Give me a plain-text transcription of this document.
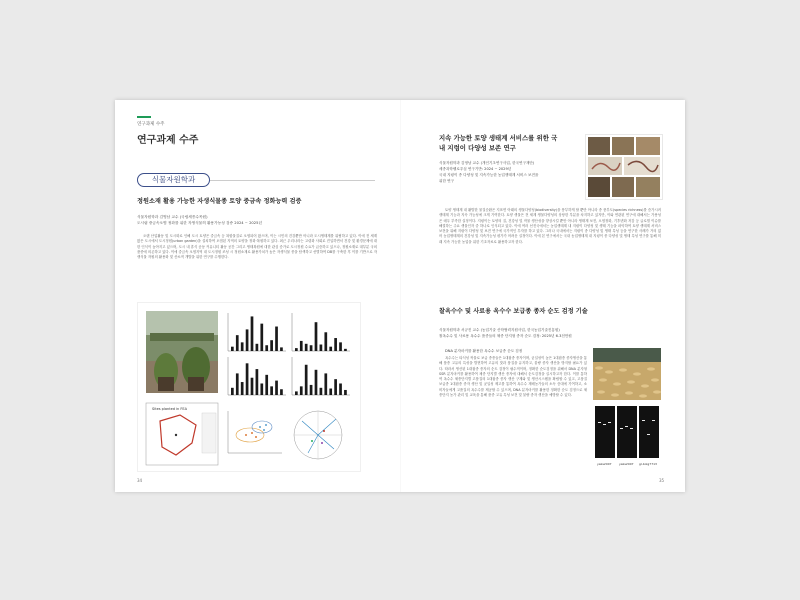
연구과제 수주
연구과제 수주
식물자원학과
정원소재 활용 가능한 자생식물종 토양 중금속 정화능력 검증
식물자원학과 김영남 교수 (국립세종수목원)
도시림 중금속오염 정화를 위한 자생식물의 활용가능성 검증 2024 ~ 2025년
오랜 산업활동 및 도시화로 인해 도시 토양은 중금속 등 복합물질로 오염되어 왔으며, 이는 시민의 건강뿐만 아니라 도시생태계를 위협하고 있다. 이에 전 세계 많은 도시에서 도시정원(urban garden)을 설치하여 오염된 지역의 토양을 정화·복원하고 있다. 최근 우리나라는 고령화 사회로 진입하면서 건강 및 환경문제에 대한 인식이 높아지고 있으며, 도시 내 휴식 공동 커뮤니티 활동 공간 그리고 생태복원에 대한 관심 증가로 도시정원 수요가 급증하고 있으나, 정원소재로 대부분 국외품종에 의존하고 있다. 이에 중금속 오염지역 내 도시정원 조성 시 정원소재로 활용가치가 높은 자생식물 종을 탐색하고 선별하여 DB를 구축한 후 이를 기반으로 자생식물 자원의 활용화 및 산소적 개발을 위한 연구를 수행한다.
Sites planted in FEA
34
지속 가능한 토양 생태계 서비스를 위한 국
내 지렁이 다양성 보존 연구
식물자원학과 김영남 교수 (개인기초연구사업, 한국연구재단)
세종과학펠로우십 연구기반: 2024 ~ 2029년
국내 지렁이 종 다양성 및 지속가능한 농업생태계 서비스 보전을
위한 연구
토양 생태계 내 활발한 물질순환은 지표면 아래의 생물다양성(biodiversity)을 풍부하게 할 뿐만 아니라 종 풍부도(species richness)를 증가시켜 생태계 기능과 지속 가능성에 크게 기여한다. 토양 생물은 전 세계 생물다양성의 상당한 부분을 차지하고 있지만, 이와 연관된 연구에 대해서는 가용성은 매우 부족한 실정이다. 지렁이는 토양의 질, 건강성 및 작물 생산성을 향상시킬 뿐만 아니라 생태계 보전, 오염정화, 기후변화 저감 등 글로벌 이슈를 해결하는 주요 생물인자 중 하나로 인식되고 있다. 이에 여러 선진국에서는 농업생태계 내 지렁이 다양성 및 생태 기능을 파악하여 토양 생태계 서비스 보전을 위해 지렁이 다양성 및 보전 연구에 국가적인 투자를 하고 있다. 그러나 국내에서는 지렁이 종 다양성 및 생태 특성 등을 연구한 사례가 거의 없어 농업생태계의 건강성 및 지속가능성 평가가 어려운 실정이다. 이에 본 연구에서는 국내 농업생태계 내 지렁이 종 다양성 및 생태 특성 연구를 통해 미래 지속 가능한 농업을 위한 기초자료로 활용하고자 한다.
찰옥수수 및 사료용 옥수수 보급종 종자 순도 검정 기술
식물자원학과 서규진 교수 (농업기술 산학협력지원사업, 한국농업기술진흥원)
찰옥수수 및 사료용 옥수수 품종들의 채종 단지형 종자 순도 검정: 2025년 6.3천만원
DNA 분자마커를 활용한 옥수수 보급종 순도 검정
옥수수는 타식성 작물로 보급 종종들은 1대잡종 종자이며, 균일성이 높은 1대잡종 종자생산을 통해 품종 고유의 특성을 발현하여 고유의 맛과 품질을 유지하고, 불량 종자 생산을 방지할 필요가 있다. 따라서 생산된 1대잡종 종자의 순도 검정이 필수적이며, 정확한 순도검정을 위해서 DNA 분자형 SSR 분자마커를 활용하여 채종 단지별 생산 종자에 대해서 순도검정을 실시하고자 한다. 이를 통하여 옥수수 채종단지별 고품질의 1대잡종 종자 생산 구계와 및 생산시스템을 확립할 수 있고, 고품질 보급종 1대잡종 종자 생산 및 균일성 제고를 통하여 옥수수 재배농가들의 소득 증대에 기여하고, 소비자들에게 고품질의 옥수수를 제공할 수 있으며, DNA 분자마커를 활용한 정확한 순도 검정으로 채종단지 농가 관리 및 교육을 통해 품종 고유 특성 보전 및 불량 종자 생산을 예방할 수 있다.
yaks2007 yaks2007 gl-bolg7713
35
